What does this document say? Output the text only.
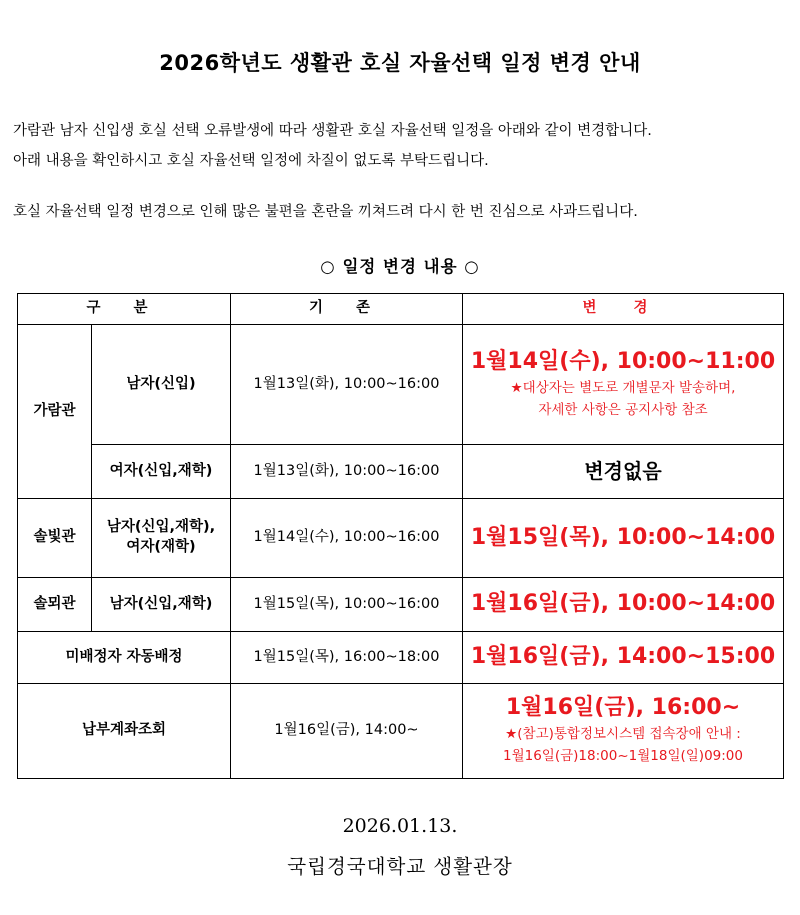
2026학년도 생활관 호실 자율선택 일정 변경 안내
가람관 남자 신입생 호실 선택 오류발생에 따라 생활관 호실 자율선택 일정을 아래와 같이 변경합니다.
아래 내용을 확인하시고 호실 자율선택 일정에 차질이 없도록 부탁드립니다.
호실 자율선택 일정 변경으로 인해 많은 불편을 혼란을 끼쳐드려 다시 한 번 진심으로 사과드립니다.
○ 일정 변경 내용 ○
구 분		기 존	변 경
가람관	남자(신입)	1월13일(화), 10:00~16:00	1월14일(수), 10:00~11:00
★대상자는 별도로 개별문자 발송하며,
자세한 사항은 공지사항 참조

	여자(신입,재학)	1월13일(화), 10:00~16:00	변경없음

솔빛관	남자(신입,재학),
여자(재학)	1월14일(수), 10:00~16:00	1월15일(목), 10:00~14:00

솔뫼관	남자(신입,재학)	1월15일(목), 10:00~16:00	1월16일(금), 10:00~14:00

미배정자 자동배정		1월15일(목), 16:00~18:00	1월16일(금), 14:00~15:00

납부계좌조회		1월16일(금), 14:00~	1월16일(금), 16:00~
★(참고)통합정보시스템 접속장애 안내 :
1월16일(금)18:00~1월18일(일)09:00
2026.01.13.
국립경국대학교 생활관장
